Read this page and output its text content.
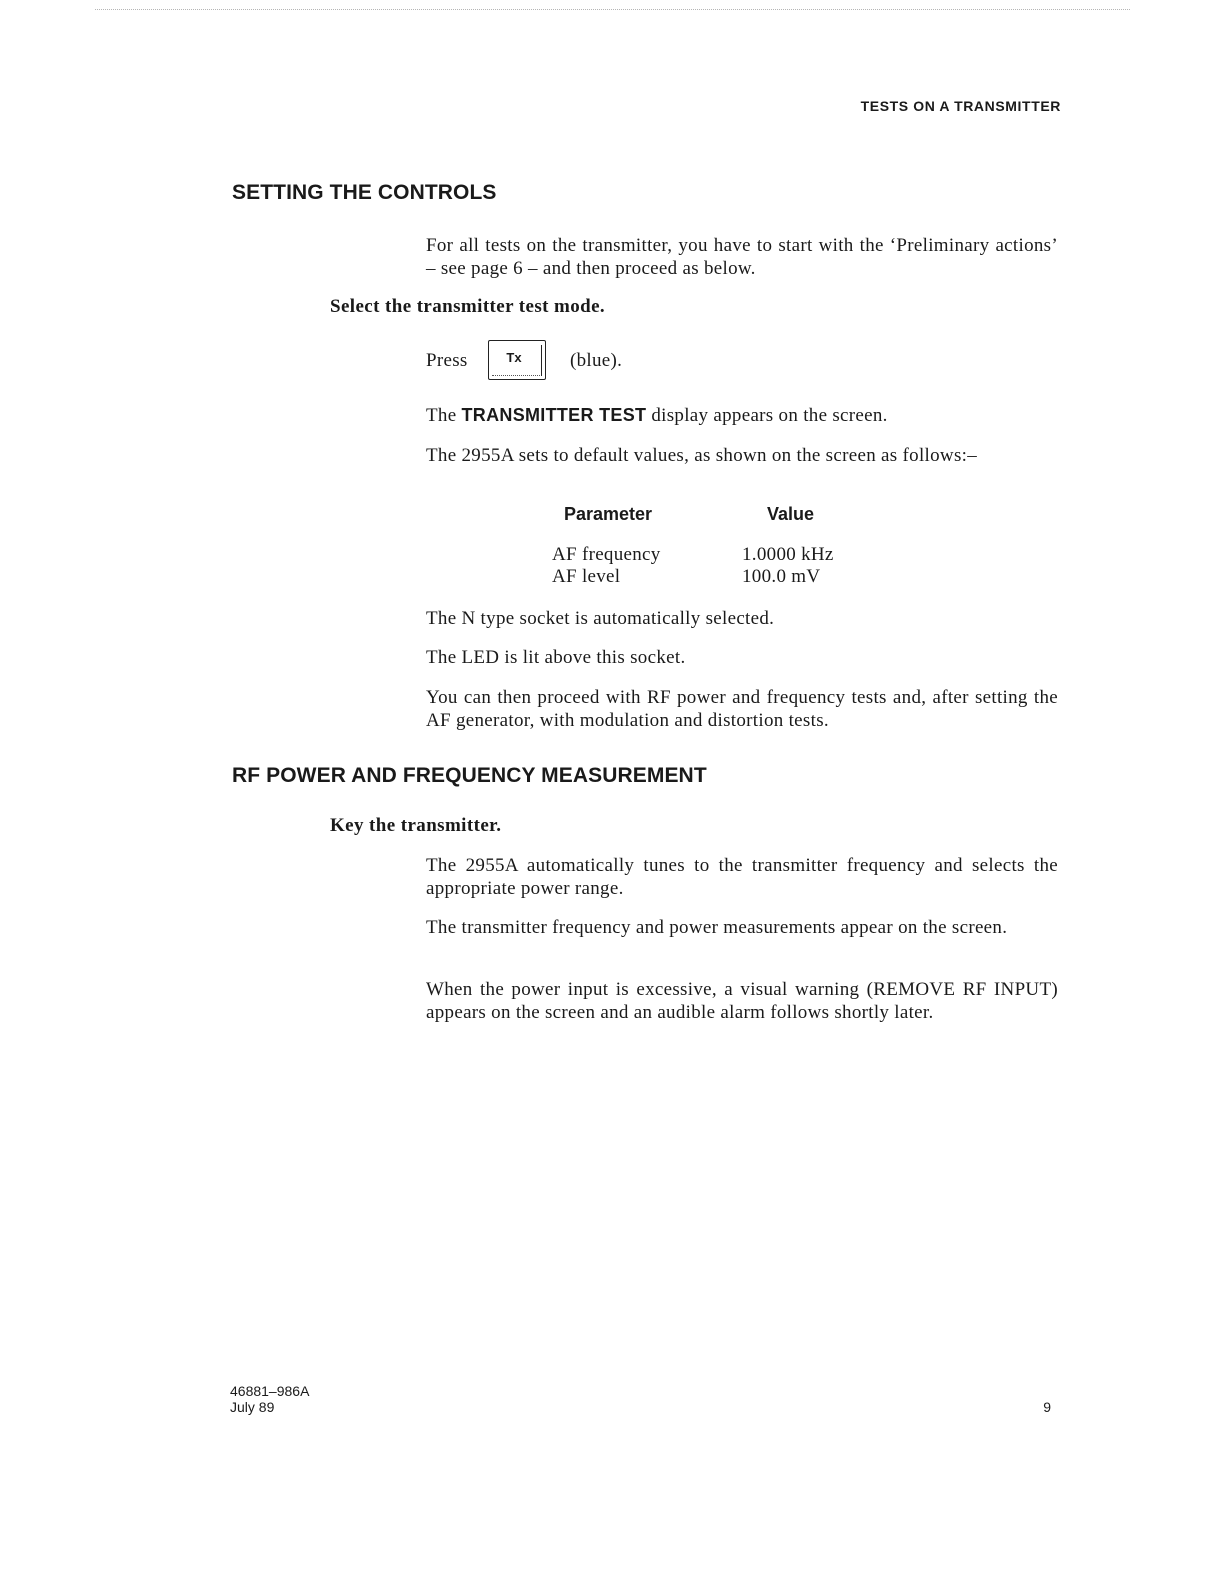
TESTS ON A TRANSMITTER
SETTING THE CONTROLS

For all tests on the transmitter, you have to start with the ‘Preliminary actions’ – see page 6 – and then proceed as below.

Select the transmitter test mode.

Press	Tx	(blue).

The TRANSMITTER TEST display appears on the screen.

The 2955A sets to default values, as shown on the screen as follows:–

Parameter	Value
AF frequency	1.0000 kHz
AF level	100.0 mV

The N type socket is automatically selected.

The LED is lit above this socket.

You can then proceed with RF power and frequency tests and, after setting the AF generator, with modulation and distortion tests.

RF POWER AND FREQUENCY MEASUREMENT

Key the transmitter.

The 2955A automatically tunes to the transmitter frequency and selects the appropriate power range.

The transmitter frequency and power measurements appear on the screen.

When the power input is excessive, a visual warning (REMOVE RF INPUT) appears on the screen and an audible alarm follows shortly later.

46881–986A
July 89	9
